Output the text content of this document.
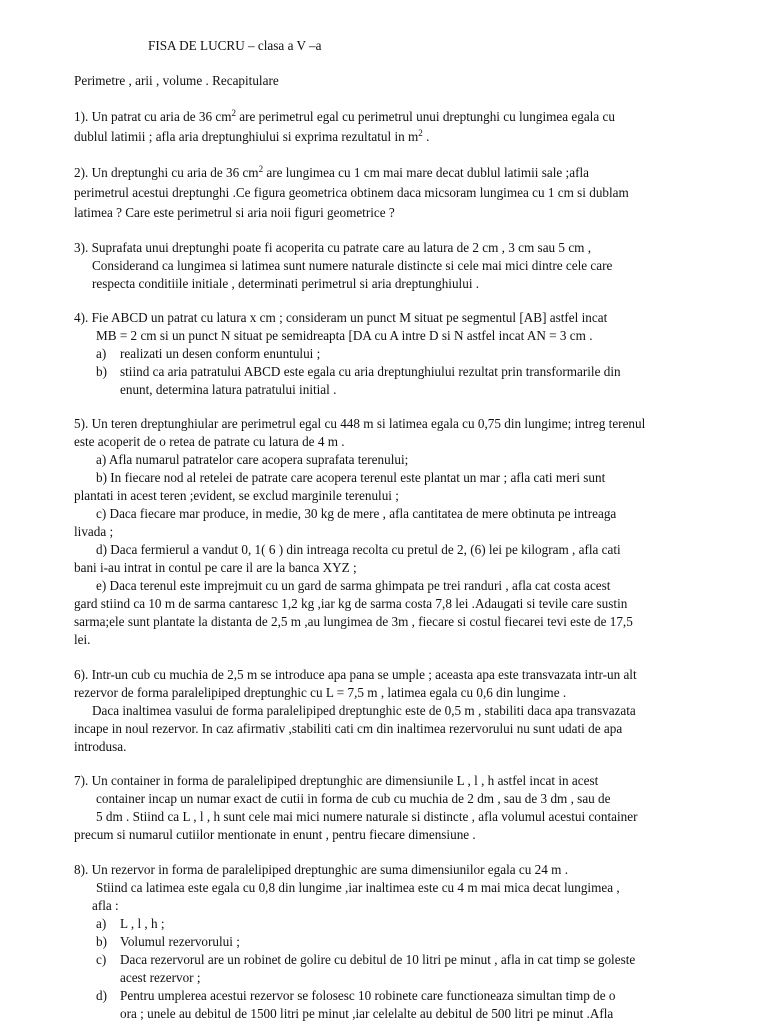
FISA DE LUCRU – clasa a V –a
Perimetre , arii , volume . Recapitulare
1). Un patrat cu aria de 36 $cm^2$ are perimetrul egal cu perimetrul unui dreptunghi cu lungimea egala cu
dublul latimii ; afla aria dreptunghiului si exprima rezultatul in $m^2$ .
2). Un dreptunghi cu aria de 36 $cm^2$ are lungimea cu 1 cm mai mare decat dublul latimii sale ;afla
perimetrul acestui dreptunghi .Ce figura geometrica obtinem daca micsoram lungimea cu 1 cm si dublam
latimea ? Care este perimetrul si aria noii figuri geometrice ?
3). Suprafata unui dreptunghi poate fi acoperita cu patrate care au latura de 2 cm , 3 cm sau 5 cm ,
Considerand ca lungimea si latimea sunt numere naturale distincte si cele mai mici dintre cele care
respecta conditiile initiale , determinati perimetrul si aria dreptunghiului .
4). Fie ABCD un patrat cu latura x cm ; consideram un punct M situat pe segmentul [AB] astfel incat
MB = 2 cm si un punct N situat pe semidreapta [DA cu A intre D si N astfel incat AN = 3 cm .
a) realizati un desen conform enuntului ;
b) stiind ca aria patratului ABCD este egala cu aria dreptunghiului rezultat prin transformarile din
enunt, determina latura patratului initial .
5). Un teren dreptunghiular are perimetrul egal cu 448 m si latimea egala cu 0,75 din lungime; intreg terenul
este acoperit de o retea de patrate cu latura de 4 m .
a) Afla numarul patratelor care acopera suprafata terenului;
b) In fiecare nod al retelei de patrate care acopera terenul este plantat un mar ; afla cati meri sunt
plantati in acest teren ;evident, se exclud marginile terenului ;
c) Daca fiecare mar produce, in medie, 30 kg de mere , afla cantitatea de mere obtinuta pe intreaga
livada ;
d) Daca fermierul a vandut 0, 1( 6 ) din intreaga recolta cu pretul de 2, (6) lei pe kilogram , afla cati
bani i-au intrat in contul pe care il are la banca XYZ ;
e) Daca terenul este imprejmuit cu un gard de sarma ghimpata pe trei randuri , afla cat costa acest
gard stiind ca 10 m de sarma cantaresc 1,2 kg ,iar kg de sarma costa 7,8 lei .Adaugati si tevile care sustin
sarma;ele sunt plantate la distanta de 2,5 m ,au lungimea de 3m , fiecare si costul fiecarei tevi este de 17,5
lei.
6). Intr-un cub cu muchia de 2,5 m se introduce apa pana se umple ; aceasta apa este transvazata intr-un alt
rezervor de forma paralelipiped dreptunghic cu L = 7,5 m , latimea egala cu 0,6 din lungime .
Daca inaltimea vasului de forma paralelipiped dreptunghic este de 0,5 m , stabiliti daca apa transvazata
incape in noul rezervor. In caz afirmativ ,stabiliti cati cm din inaltimea rezervorului nu sunt udati de apa
introdusa.
7). Un container in forma de paralelipiped dreptunghic are dimensiunile L , l , h astfel incat in acest
container incap un numar exact de cutii in forma de cub cu muchia de 2 dm , sau de 3 dm , sau de
5 dm . Stiind ca L , l , h sunt cele mai mici numere naturale si distincte , afla volumul acestui container
precum si numarul cutiilor mentionate in enunt , pentru fiecare dimensiune .
8). Un rezervor in forma de paralelipiped dreptunghic are suma dimensiunilor egala cu 24 m .
Stiind ca latimea este egala cu 0,8 din lungime ,iar inaltimea este cu 4 m mai mica decat lungimea ,
afla :
a) L , l , h ;
b) Volumul rezervorului ;
c) Daca rezervorul are un robinet de golire cu debitul de 10 litri pe minut , afla in cat timp se goleste
acest rezervor ;
d) Pentru umplerea acestui rezervor se folosesc 10 robinete care functioneaza simultan timp de o
ora ; unele au debitul de 1500 litri pe minut ,iar celelalte au debitul de 500 litri pe minut .Afla
